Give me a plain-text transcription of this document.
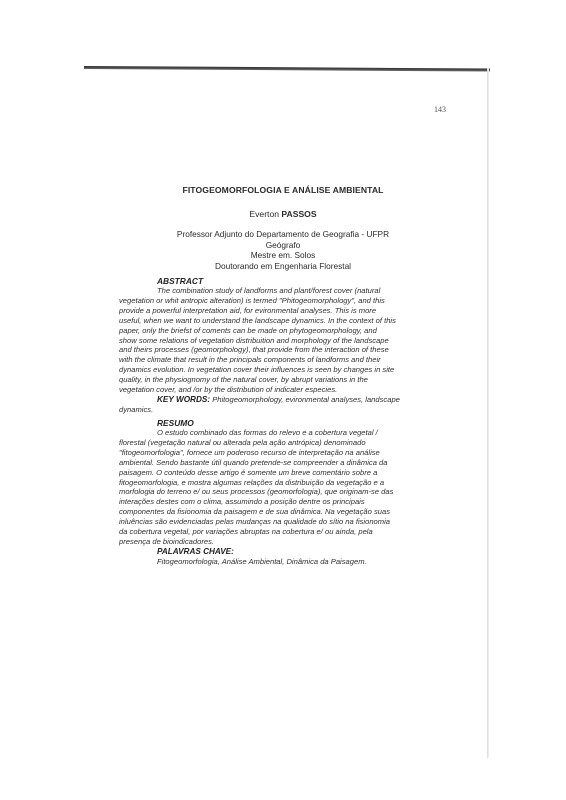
143
FITOGEOMORFOLOGIA E ANÁLISE AMBIENTAL
Everton PASSOS
Professor Adjunto do Departamento de Geografia - UFPR
Geógrafo
Mestre em. Solos
Doutorando em Engenharia Florestal
ABSTRACT
The combination study of landforms and plant/forest cover (natural
vegetation or whit antropic alteration) is termed "Phitogeomorphology", and this
provide a powerful interpretation aid, for evironmental analyses. This is more
useful, when we want to understand the landscape dynamics. In the context of this
paper, only the briefst of coments can be made on phytogeomorphology, and
show some relations of vegetation distribuition and morphology of the landscape
and theirs processes (geomorphology), that provide from the interaction of these
with the climate that result in the principals components of landforms and their
dynamics evolution. In vegetation cover their influences is seen by changes in site
quality, in the physiognomy of the natural cover, by abrupt variations in the
vegetation cover, and /or by the distribution of indicater especies.
KEY WORDS: Phitogeomorphology, evironmental analyses, landscape
dynamics.
RESUMO
O estudo combinado das formas do relevo e a cobertura vegetal /
florestal (vegetação natural ou alterada pela ação antrópica) denominado
"fitogeomorfologia", fornece um poderoso recurso de interpretação na análise
ambiental. Sendo bastante útil quando pretende-se compreender a dinâmica da
paisagem. O conteúdo desse artigo é somente um breve comentário sobre a
fitogeomorfologia, e mostra algumas relações da distribuição da vegetação e a
morfologia do terreno e/ ou seus processos (geomorfologia), que originam-se das
interações destes com o clima, assumindo a posição dentre os principais
componentes da fisionomia da paisagem e de sua dinâmica. Na vegetação suas
inluências são evidenciadas pelas mudanças na qualidade do sítio na fisionomia
da cobertura vegetal, por variações abruptas na cobertura e/ ou ainda, pela
presença de bioindicadores.
PALAVRAS CHAVE:
Fitogeomorfologia, Análise Ambiental, Dinâmica da Paisagem.
